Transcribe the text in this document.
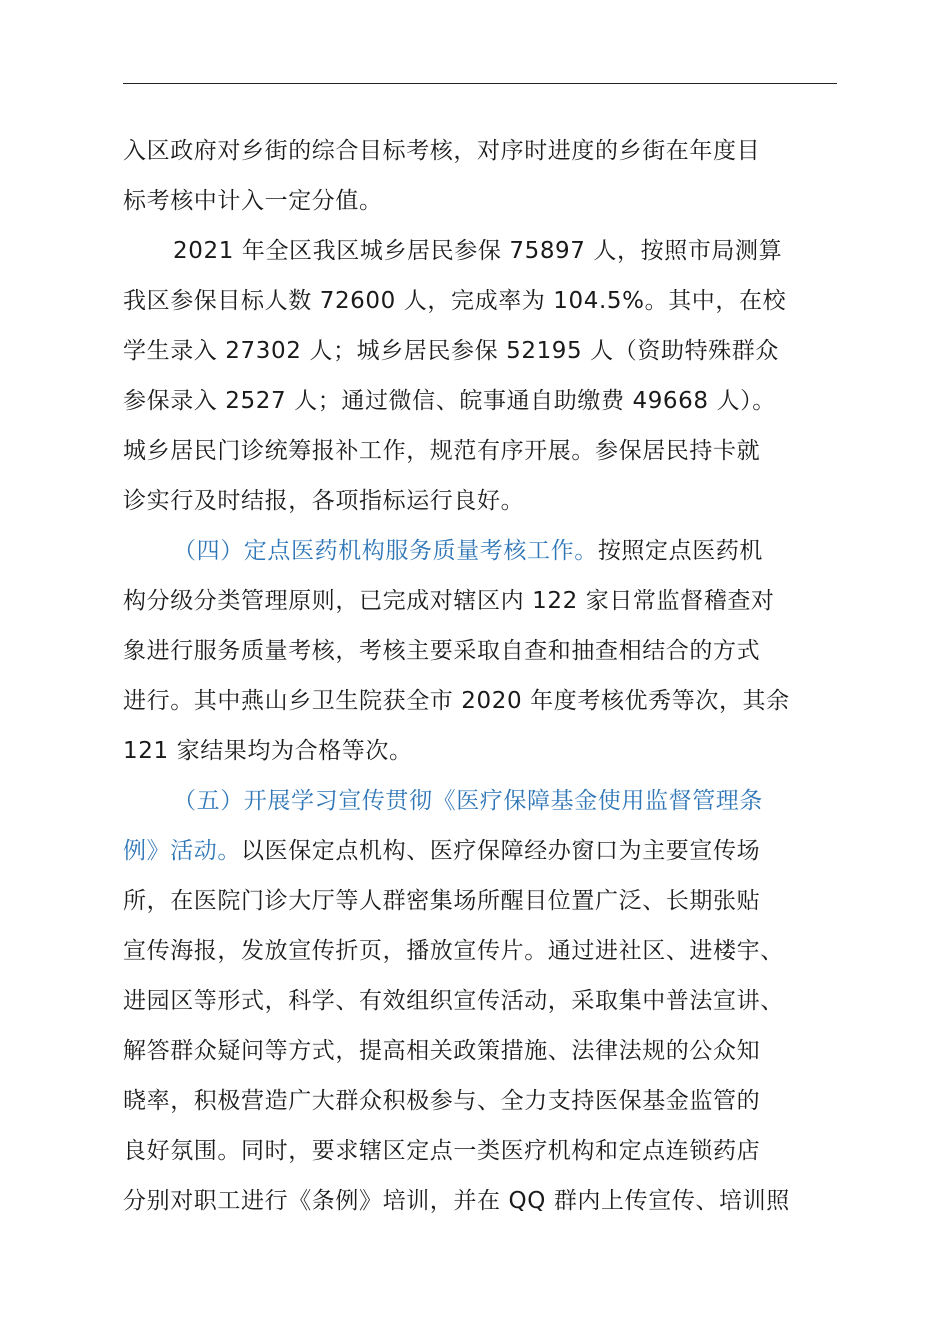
入区政府对乡街的综合目标考核，对序时进度的乡街在年度目
标考核中计入一定分值。
2021 年全区我区城乡居民参保 75897 人，按照市局测算
我区参保目标人数 72600 人，完成率为 104.5%。其中，在校
学生录入 27302 人；城乡居民参保 52195 人（资助特殊群众
参保录入 2527 人；通过微信、皖事通自助缴费 49668 人）。
城乡居民门诊统筹报补工作，规范有序开展。参保居民持卡就
诊实行及时结报，各项指标运行良好。
（四）定点医药机构服务质量考核工作。按照定点医药机
构分级分类管理原则，已完成对辖区内 122 家日常监督稽查对
象进行服务质量考核，考核主要采取自查和抽查相结合的方式
进行。其中燕山乡卫生院获全市 2020 年度考核优秀等次，其余
121 家结果均为合格等次。
（五）开展学习宣传贯彻《医疗保障基金使用监督管理条
例》活动。以医保定点机构、医疗保障经办窗口为主要宣传场
所，在医院门诊大厅等人群密集场所醒目位置广泛、长期张贴
宣传海报，发放宣传折页，播放宣传片。通过进社区、进楼宇、
进园区等形式，科学、有效组织宣传活动，采取集中普法宣讲、
解答群众疑问等方式，提高相关政策措施、法律法规的公众知
晓率，积极营造广大群众积极参与、全力支持医保基金监管的
良好氛围。同时，要求辖区定点一类医疗机构和定点连锁药店
分别对职工进行《条例》培训，并在 QQ 群内上传宣传、培训照
